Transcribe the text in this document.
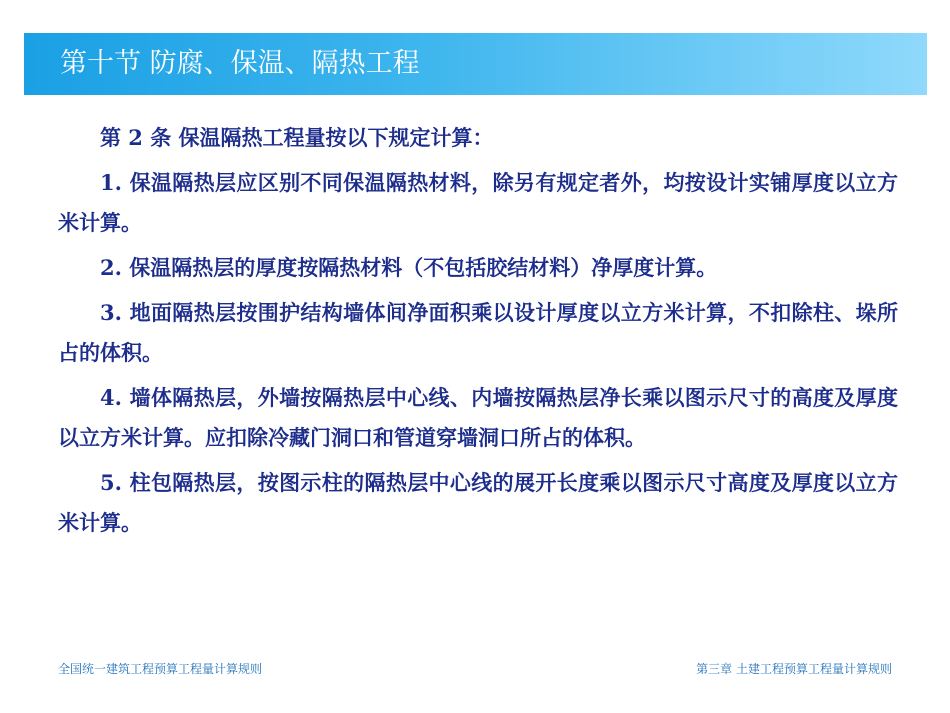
第十节 防腐、保温、隔热工程

第 2 条 保温隔热工程量按以下规定计算：

1. 保温隔热层应区别不同保温隔热材料，除另有规定者外，均按设计实铺厚度以立方米计算。

2. 保温隔热层的厚度按隔热材料（不包括胶结材料）净厚度计算。

3. 地面隔热层按围护结构墙体间净面积乘以设计厚度以立方米计算，不扣除柱、垛所占的体积。

4. 墙体隔热层，外墙按隔热层中心线、内墙按隔热层净长乘以图示尺寸的高度及厚度以立方米计算。应扣除冷藏门洞口和管道穿墙洞口所占的体积。

5. 柱包隔热层，按图示柱的隔热层中心线的展开长度乘以图示尺寸高度及厚度以立方米计算。

全国统一建筑工程预算工程量计算规则	第三章 土建工程预算工程量计算规则
